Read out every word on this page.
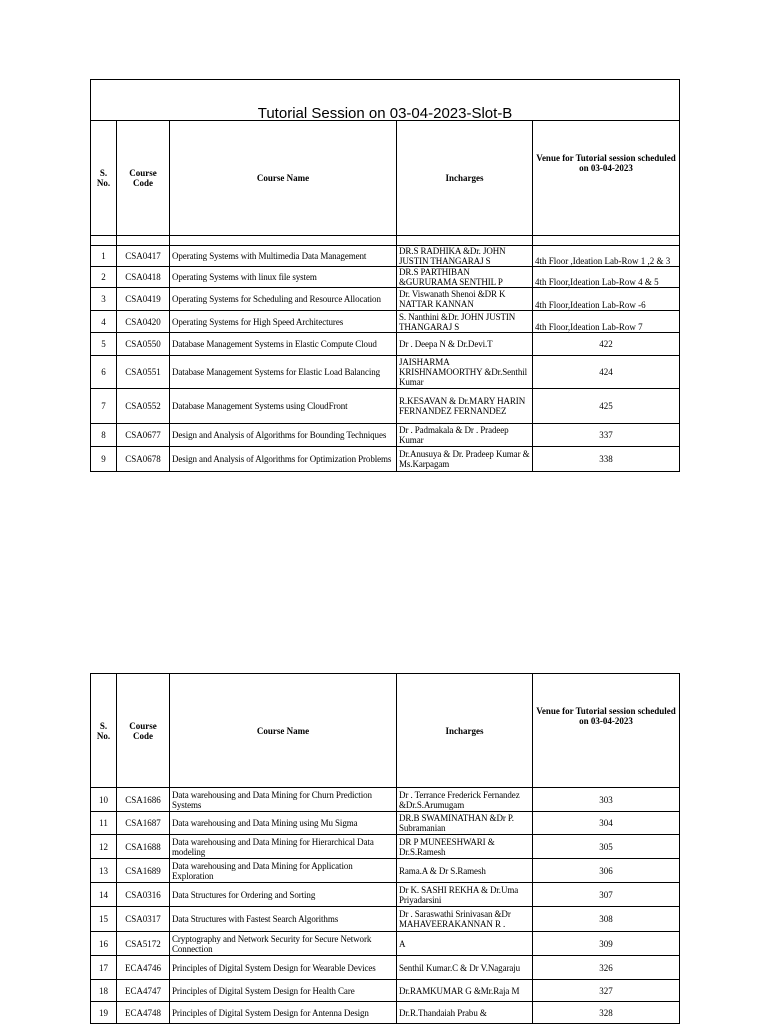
Tutorial Session on 03-04-2023-Slot-B				
S. No.	Course Code	Course Name	Incharges	Venue for Tutorial session scheduled on 03-04-2023

1	CSA0417	Operating Systems with Multimedia Data Management	DR.S RADHIKA &Dr. JOHN JUSTIN THANGARAJ S	4th Floor ,Ideation Lab-Row 1 ,2 & 3
2	CSA0418	Operating Systems with linux file system	DR.S PARTHIBAN &GURURAMA SENTHIL P	4th Floor,Ideation Lab-Row 4 & 5
3	CSA0419	Operating Systems for Scheduling and Resource Allocation	Dr. Viswanath Shenoi &DR K NATTAR KANNAN	4th Floor,Ideation Lab-Row -6
4	CSA0420	Operating Systems for High Speed Architectures	S. Nanthini &Dr. JOHN JUSTIN THANGARAJ S	4th Floor,Ideation Lab-Row 7
5	CSA0550	Database Management Systems in Elastic Compute Cloud	Dr . Deepa N & Dr.Devi.T	422
6	CSA0551	Database Management Systems for Elastic Load Balancing	JAISHARMA KRISHNAMOORTHY &Dr.Senthil Kumar	424
7	CSA0552	Database Management Systems using CloudFront	R.KESAVAN & Dr.MARY HARIN FERNANDEZ FERNANDEZ	425
8	CSA0677	Design and Analysis of Algorithms for Bounding Techniques	Dr . Padmakala & Dr . Pradeep Kumar	337
9	CSA0678	Design and Analysis of Algorithms for Optimization Problems	Dr.Anusuya & Dr. Pradeep Kumar & Ms.Karpagam	338
S. No.	Course Code	Course Name	Incharges	Venue for Tutorial session scheduled on 03-04-2023
10	CSA1686	Data warehousing and Data Mining for Churn Prediction Systems	Dr . Terrance Frederick Fernandez &Dr.S.Arumugam	303
11	CSA1687	Data warehousing and Data Mining using Mu Sigma	DR.B SWAMINATHAN &Dr P. Subramanian	304
12	CSA1688	Data warehousing and Data Mining for Hierarchical Data modeling	DR P MUNEESHWARI & Dr.S.Ramesh	305
13	CSA1689	Data warehousing and Data Mining for Application Exploration	Rama.A & Dr S.Ramesh	306
14	CSA0316	Data Structures for Ordering and Sorting	Dr K. SASHI REKHA & Dr.Uma Priyadarsini	307
15	CSA0317	Data Structures with Fastest Search Algorithms	Dr . Saraswathi Srinivasan &Dr MAHAVEERAKANNAN R .	308
16	CSA5172	Cryptography and Network Security for Secure Network Connection	A	309
17	ECA4746	Principles of Digital System Design for Wearable Devices	Senthil Kumar.C & Dr V.Nagaraju	326
18	ECA4747	Principles of Digital System Design for Health Care	Dr.RAMKUMAR G &Mr.Raja M	327
19	ECA4748	Principles of Digital System Design for Antenna Design	Dr.R.Thandaiah Prabu &	328
